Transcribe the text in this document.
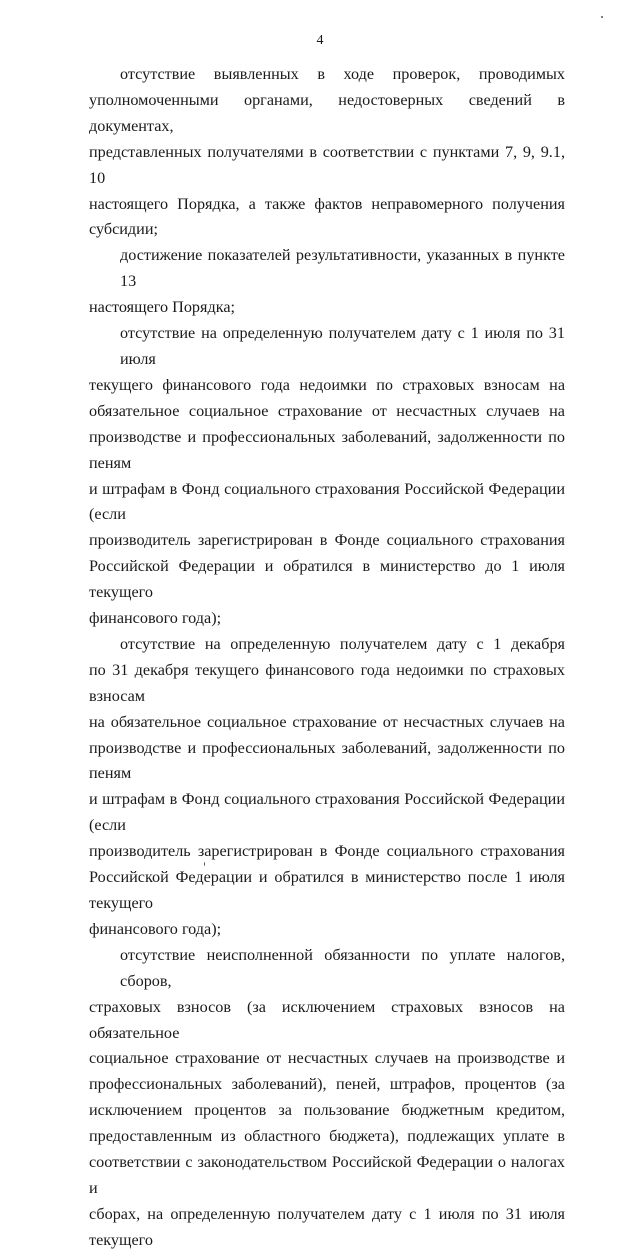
4

отсутствие выявленных в ходе проверок, проводимых
уполномоченными органами, недостоверных сведений в документах,
представленных получателями в соответствии с пунктами 7, 9, 9.1, 10
настоящего Порядка, а также фактов неправомерного получения субсидии;

достижение показателей результативности, указанных в пункте 13
настоящего Порядка;

отсутствие на определенную получателем дату с 1 июля по 31 июля
текущего финансового года недоимки по страховых взносам на
обязательное социальное страхование от несчастных случаев на
производстве и профессиональных заболеваний, задолженности по пеням
и штрафам в Фонд социального страхования Российской Федерации (если
производитель зарегистрирован в Фонде социального страхования
Российской Федерации и обратился в министерство до 1 июля текущего
финансового года);

отсутствие на определенную получателем дату с 1 декабря
по 31 декабря текущего финансового года недоимки по страховых взносам
на обязательное социальное страхование от несчастных случаев на
производстве и профессиональных заболеваний, задолженности по пеням
и штрафам в Фонд социального страхования Российской Федерации (если
производитель зарегистрирован в Фонде социального страхования
Российской Федерации и обратился в министерство после 1 июля текущего
финансового года);

отсутствие неисполненной обязанности по уплате налогов, сборов,
страховых взносов (за исключением страховых взносов на обязательное
социальное страхование от несчастных случаев на производстве и
профессиональных заболеваний), пеней, штрафов, процентов (за
исключением процентов за пользование бюджетным кредитом,
предоставленным из областного бюджета), подлежащих уплате в
соответствии с законодательством Российской Федерации о налогах и
сборах, на определенную получателем дату с 1 июля по 31 июля текущего
